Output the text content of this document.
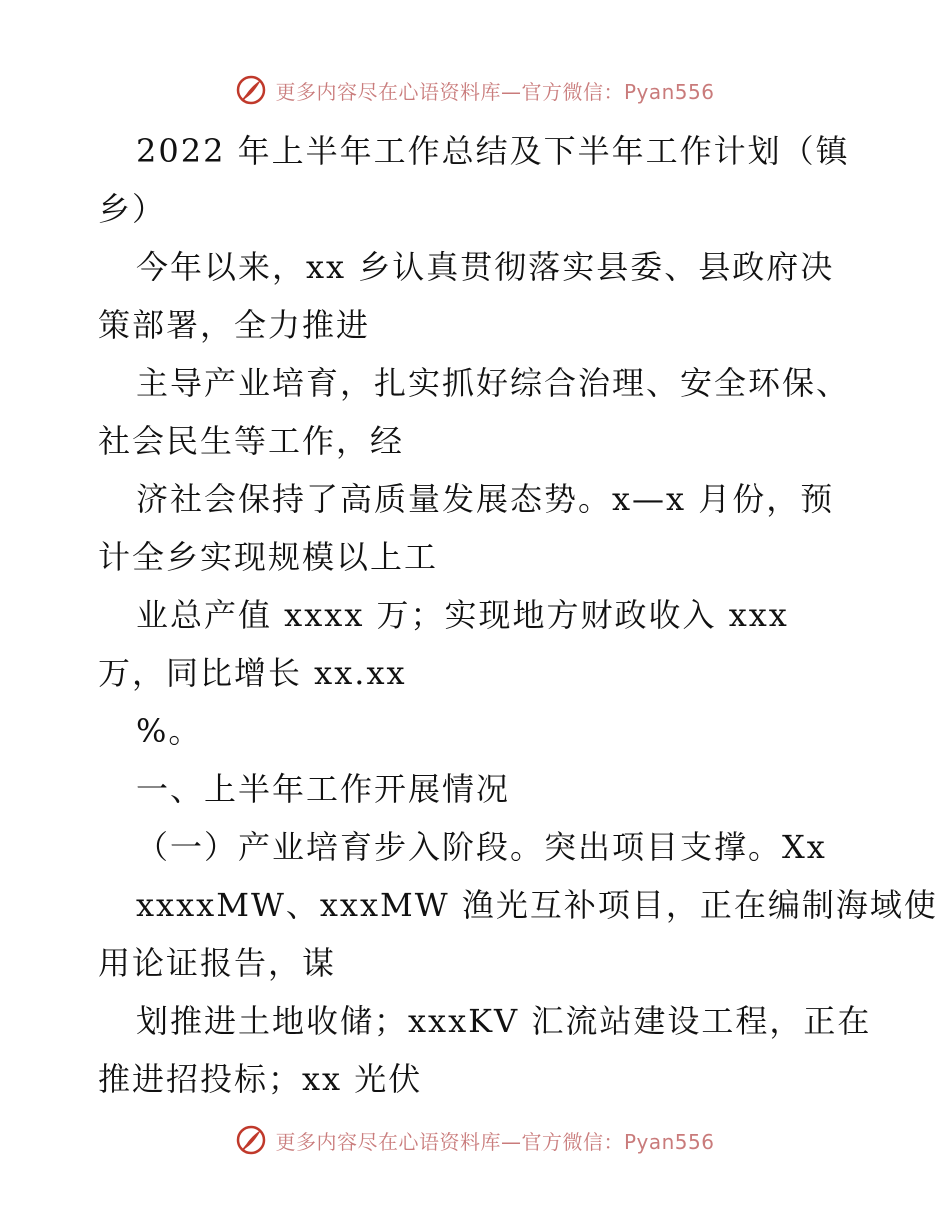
更多内容尽在心语资料库—官方微信：Pyan556
2022 年上半年工作总结及下半年工作计划（镇
乡）
今年以来，xx 乡认真贯彻落实县委、县政府决
策部署，全力推进
主导产业培育，扎实抓好综合治理、安全环保、
社会民生等工作，经
济社会保持了高质量发展态势。x—x 月份，预
计全乡实现规模以上工
业总产值 xxxx 万；实现地方财政收入 xxx
万，同比增长 xx.xx
%。
一、上半年工作开展情况
（一）产业培育步入阶段。突出项目支撑。Xx
xxxxMW、xxxMW 渔光互补项目，正在编制海域使
用论证报告，谋
划推进土地收储；xxxKV 汇流站建设工程，正在
推进招投标；xx 光伏
更多内容尽在心语资料库—官方微信：Pyan556
